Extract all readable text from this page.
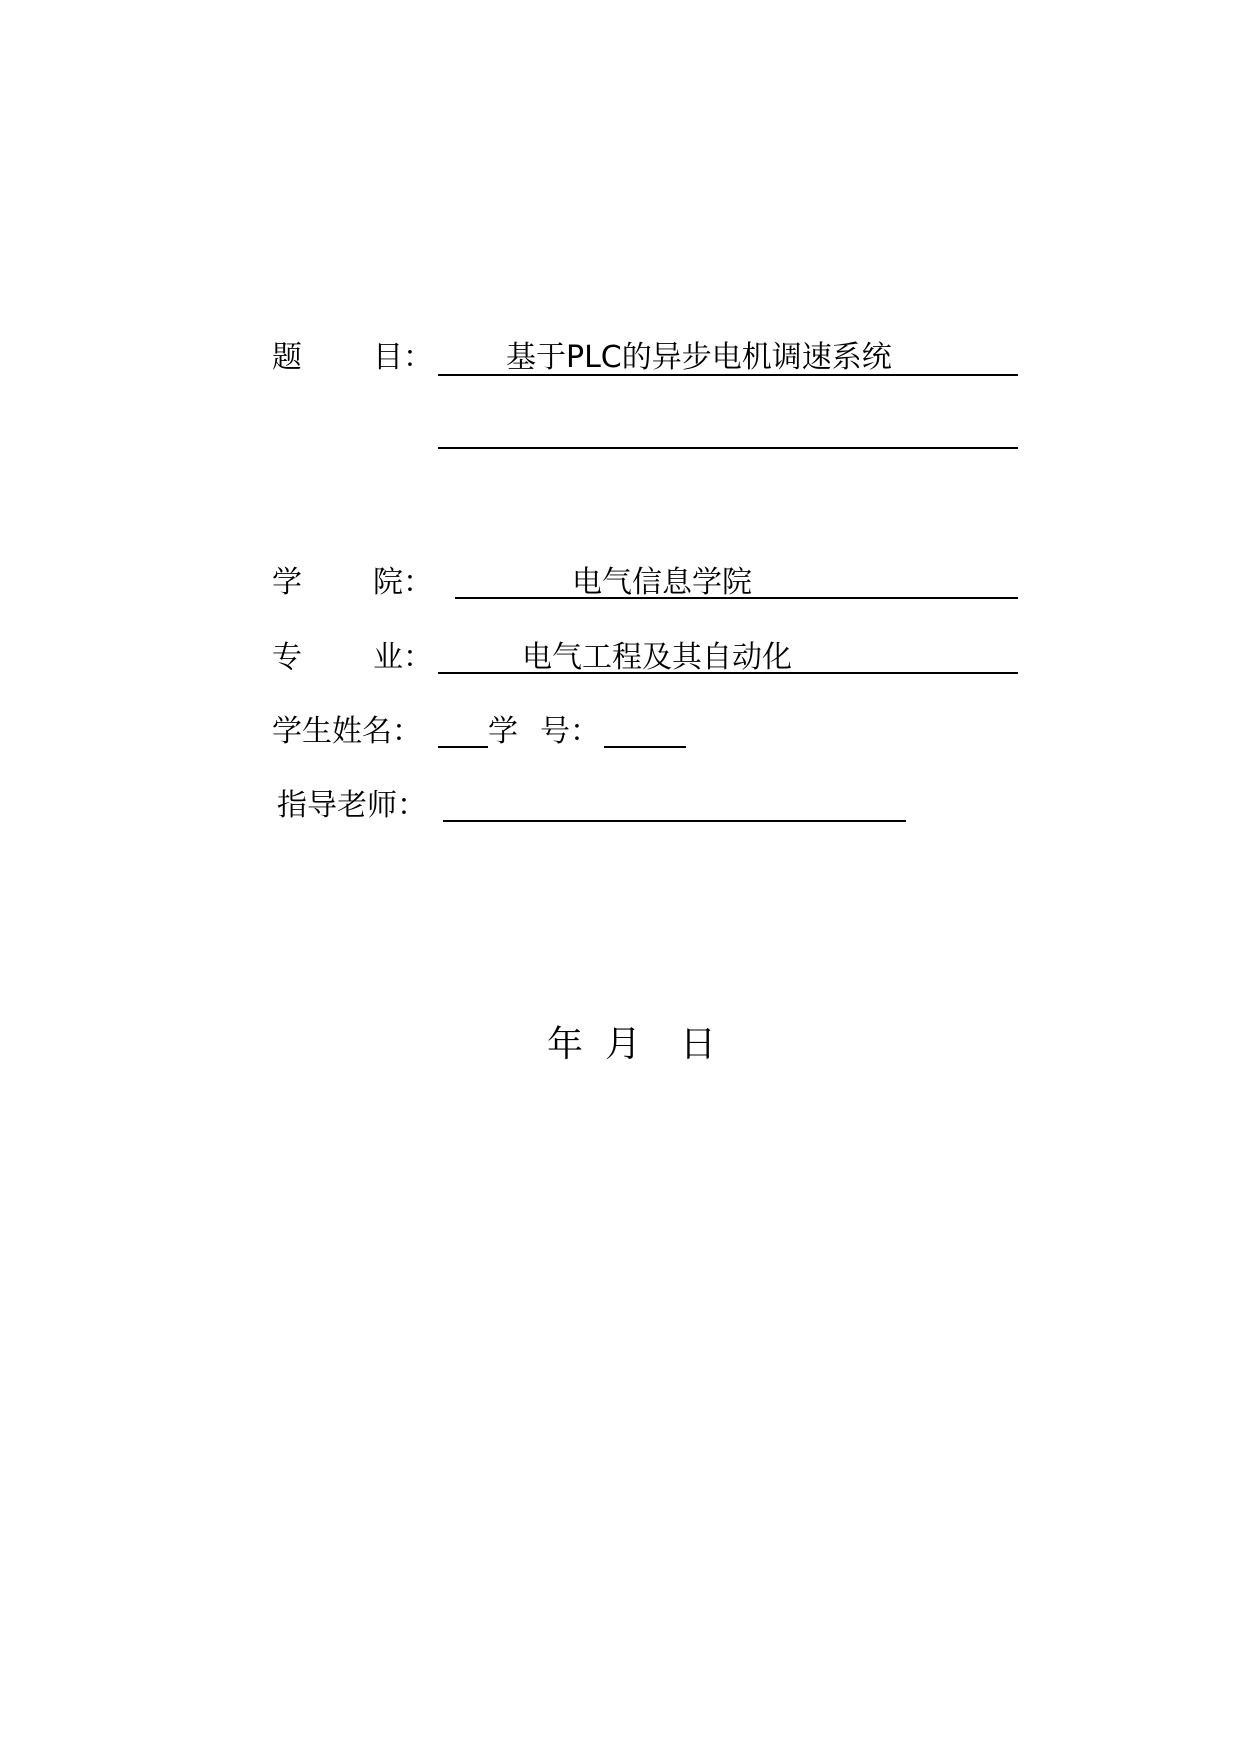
题 目 ： 基于PLC的异步电机调速系统
学 院 ：	电气信息学院
专 业 ：	电气工程及其自动化
学生姓名： 学 号 ：
指导老师：
年 月 日
